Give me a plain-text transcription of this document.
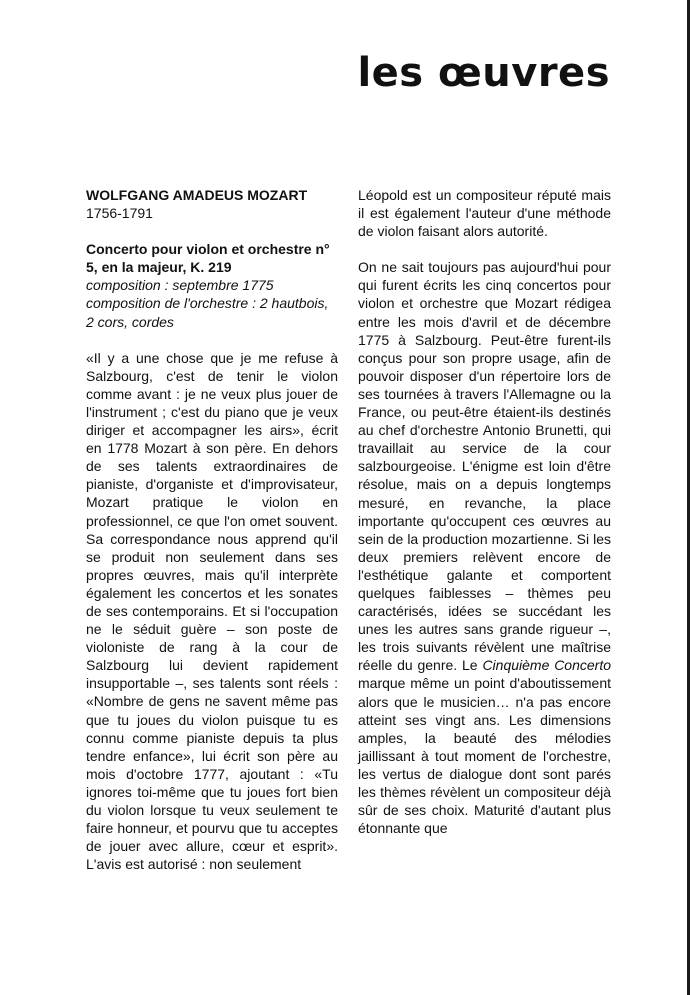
les œuvres

WOLFGANG AMADEUS MOZART

1756-1791

Concerto pour violon et orchestre n° 5, en la majeur, K. 219

composition : septembre 1775

composition de l'orchestre : 2 hautbois, 2 cors, cordes

«Il y a une chose que je me refuse à Salzbourg, c'est de tenir le violon comme avant : je ne veux plus jouer de l'instrument ; c'est du piano que je veux diriger et accompagner les airs», écrit en 1778 Mozart à son père. En dehors de ses talents extraordinaires de pianiste, d'organiste et d'improvisateur, Mozart pratique le violon en professionnel, ce que l'on omet souvent. Sa correspondance nous apprend qu'il se produit non seulement dans ses propres œuvres, mais qu'il interprète également les concertos et les sonates de ses contemporains. Et si l'occupation ne le séduit guère – son poste de violoniste de rang à la cour de Salzbourg lui devient rapidement insupportable –, ses talents sont réels : «Nombre de gens ne savent même pas que tu joues du violon puisque tu es connu comme pianiste depuis ta plus tendre enfance», lui écrit son père au mois d'octobre 1777, ajoutant : «Tu ignores toi-même que tu joues fort bien du violon lorsque tu veux seulement te faire honneur, et pourvu que tu acceptes de jouer avec allure, cœur et esprit». L'avis est autorisé : non seulement

Léopold est un compositeur réputé mais il est également l'auteur d'une méthode de violon faisant alors autorité.

On ne sait toujours pas aujourd'hui pour qui furent écrits les cinq concertos pour violon et orchestre que Mozart rédigea entre les mois d'avril et de décembre 1775 à Salzbourg. Peut-être furent-ils conçus pour son propre usage, afin de pouvoir disposer d'un répertoire lors de ses tournées à travers l'Allemagne ou la France, ou peut-être étaient-ils destinés au chef d'orchestre Antonio Brunetti, qui travaillait au service de la cour salzbourgeoise. L'énigme est loin d'être résolue, mais on a depuis longtemps mesuré, en revanche, la place importante qu'occupent ces œuvres au sein de la production mozartienne. Si les deux premiers relèvent encore de l'esthétique galante et comportent quelques faiblesses – thèmes peu caractérisés, idées se succédant les unes les autres sans grande rigueur –, les trois suivants révèlent une maîtrise réelle du genre. Le Cinquième Concerto marque même un point d'aboutissement alors que le musicien… n'a pas encore atteint ses vingt ans. Les dimensions amples, la beauté des mélodies jaillissant à tout moment de l'orchestre, les vertus de dialogue dont sont parés les thèmes révèlent un compositeur déjà sûr de ses choix. Maturité d'autant plus étonnante que
